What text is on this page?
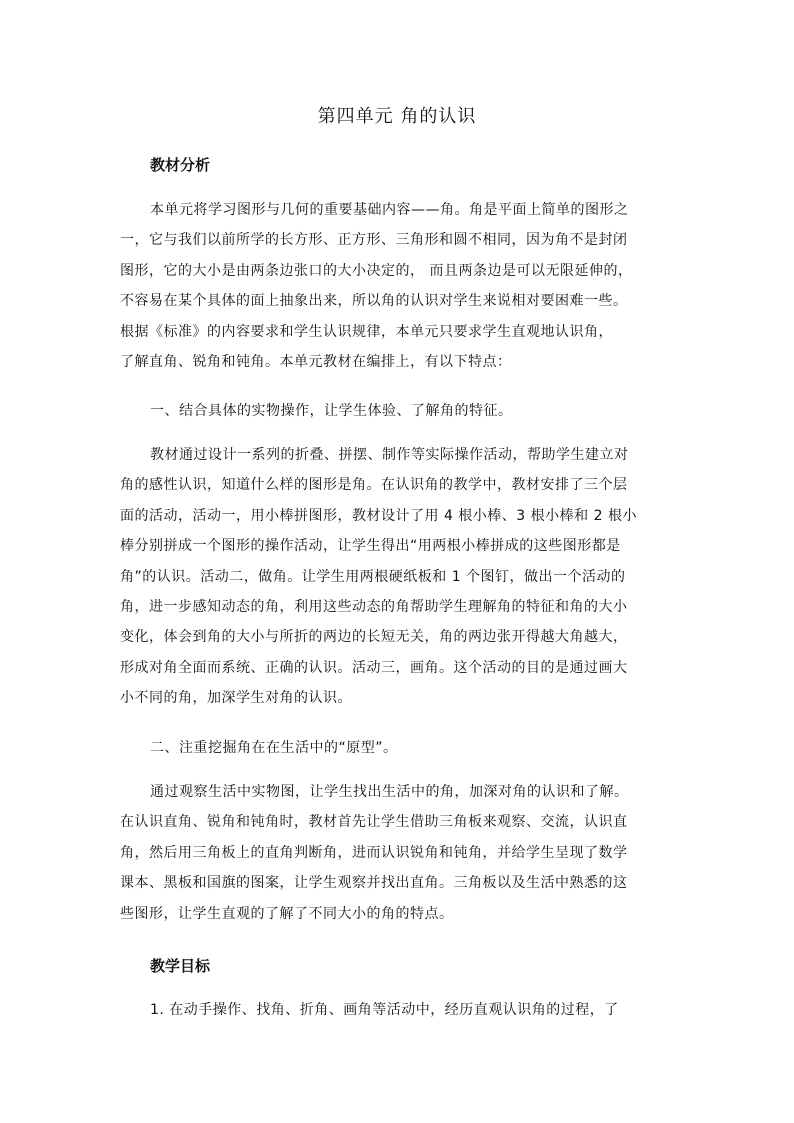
第四单元 角的认识
教材分析
本单元将学习图形与几何的重要基础内容——角。角是平面上简单的图形之
一，它与我们以前所学的长方形、正方形、三角形和圆不相同，因为角不是封闭
图形，它的大小是由两条边张口的大小决定的， 而且两条边是可以无限延伸的，
不容易在某个具体的面上抽象出来，所以角的认识对学生来说相对要困难一些。
根据《标准》的内容要求和学生认识规律，本单元只要求学生直观地认识角，
了解直角、锐角和钝角。本单元教材在编排上，有以下特点：
一、结合具体的实物操作，让学生体验、了解角的特征。
教材通过设计一系列的折叠、拼摆、制作等实际操作活动，帮助学生建立对
角的感性认识，知道什么样的图形是角。在认识角的教学中，教材安排了三个层
面的活动，活动一，用小棒拼图形，教材设计了用 4 根小棒、3 根小棒和 2 根小
棒分别拼成一个图形的操作活动，让学生得出“用两根小棒拼成的这些图形都是
角”的认识。活动二，做角。让学生用两根硬纸板和 1 个图钉，做出一个活动的
角，进一步感知动态的角，利用这些动态的角帮助学生理解角的特征和角的大小
变化，体会到角的大小与所折的两边的长短无关，角的两边张开得越大角越大，
形成对角全面而系统、正确的认识。活动三，画角。这个活动的目的是通过画大
小不同的角，加深学生对角的认识。
二、注重挖掘角在在生活中的“原型”。
通过观察生活中实物图，让学生找出生活中的角，加深对角的认识和了解。
在认识直角、锐角和钝角时，教材首先让学生借助三角板来观察、交流，认识直
角，然后用三角板上的直角判断角，进而认识锐角和钝角，并给学生呈现了数学
课本、黑板和国旗的图案，让学生观察并找出直角。三角板以及生活中熟悉的这
些图形，让学生直观的了解了不同大小的角的特点。
教学目标
1. 在动手操作、找角、折角、画角等活动中，经历直观认识角的过程，了
